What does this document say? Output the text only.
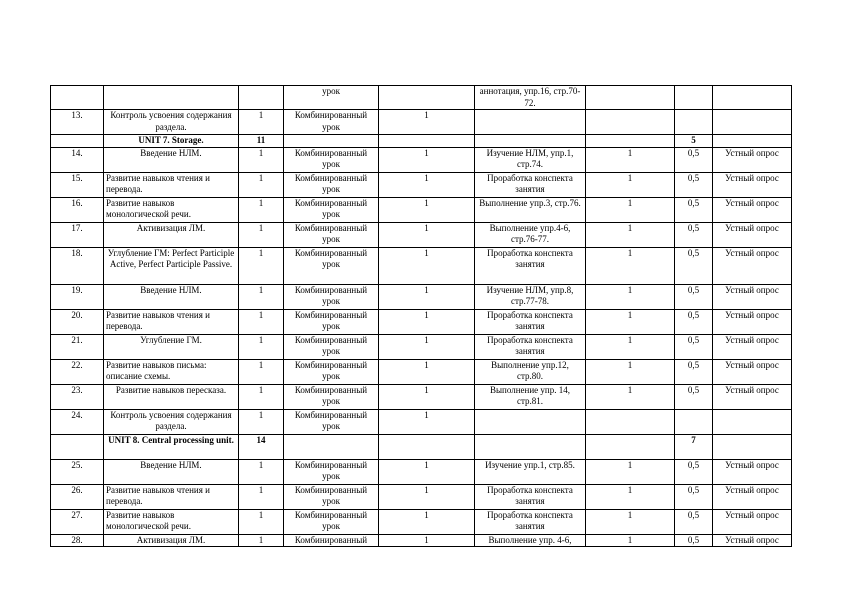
			урок		аннотация, упр.16, стр.70-72.			
13.	Контроль усвоения содержания раздела.	1	Комбинированный урок	1				
	UNIT 7. Storage.	11					5	
14.	Введение НЛМ.	1	Комбинированный урок	1	Изучение НЛМ, упр.1, стр.74.	1	0,5	Устный опрос
15.	Развитие навыков чтения и перевода.	1	Комбинированный урок	1	Проработка конспекта занятия	1	0,5	Устный опрос
16.	Развитие навыков монологической речи.	1	Комбинированный урок	1	Выполнение упр.3, стр.76.	1	0,5	Устный опрос
17.	Активизация ЛМ.	1	Комбинированный урок	1	Выполнение упр.4-6, стр.76-77.	1	0,5	Устный опрос
18.	Углубление ГМ: Perfect Participle Active, Perfect Participle Passive.	1	Комбинированный урок	1	Проработка конспекта занятия	1	0,5	Устный опрос
19.	Введение НЛМ.	1	Комбинированный урок	1	Изучение НЛМ, упр.8, стр.77-78.	1	0,5	Устный опрос
20.	Развитие навыков чтения и перевода.	1	Комбинированный урок	1	Проработка конспекта занятия	1	0,5	Устный опрос
21.	Углубление ГМ.	1	Комбинированный урок	1	Проработка конспекта занятия	1	0,5	Устный опрос
22.	Развитие навыков письма: описание схемы.	1	Комбинированный урок	1	Выполнение упр.12, стр.80.	1	0,5	Устный опрос
23.	Развитие навыков пересказа.	1	Комбинированный урок	1	Выполнение упр. 14, стр.81.	1	0,5	Устный опрос
24.	Контроль усвоения содержания раздела.	1	Комбинированный урок	1				
	UNIT 8. Central processing unit.	14					7	
25.	Введение НЛМ.	1	Комбинированный урок	1	Изучение упр.1, стр.85.	1	0,5	Устный опрос
26.	Развитие навыков чтения и перевода.	1	Комбинированный урок	1	Проработка конспекта занятия	1	0,5	Устный опрос
27.	Развитие навыков монологической речи.	1	Комбинированный урок	1	Проработка конспекта занятия	1	0,5	Устный опрос
28.	Активизация ЛМ.	1	Комбинированный	1	Выполнение упр. 4-6,	1	0,5	Устный опрос
